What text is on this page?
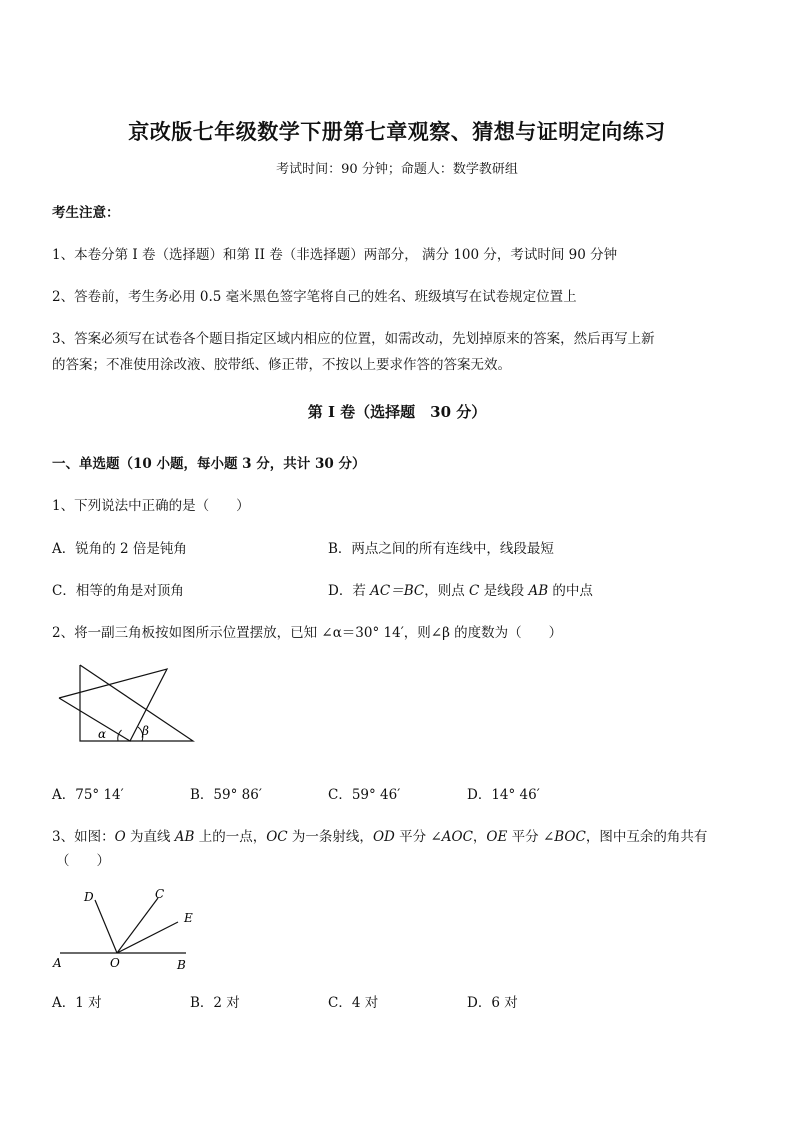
京改版七年级数学下册第七章观察、猜想与证明定向练习
考试时间：90 分钟；命题人：数学教研组
考生注意：
1、本卷分第 I 卷（选择题）和第 II 卷（非选择题）两部分， 满分 100 分，考试时间 90 分钟
2、答卷前，考生务必用 0.5 毫米黑色签字笔将自己的姓名、班级填写在试卷规定位置上
3、答案必须写在试卷各个题目指定区域内相应的位置，如需改动，先划掉原来的答案，然后再写上新
的答案；不准使用涂改液、胶带纸、修正带，不按以上要求作答的答案无效。
第 I 卷（选择题　30 分）
一、单选题（10 小题，每小题 3 分，共计 30 分）
1、下列说法中正确的是（　　）
A．锐角的 2 倍是钝角	B．两点之间的所有连线中，线段最短
C．相等的角是对顶角	D．若 AC＝BC，则点 C 是线段 AB 的中点
2、将一副三角板按如图所示位置摆放，已知 ∠α＝30° 14′，则∠β 的度数为（　　）
α	β
A．75° 14′	B．59° 86′	C．59° 46′	D．14° 46′
3、如图：O 为直线 AB 上的一点，OC 为一条射线，OD 平分 ∠AOC，OE 平分 ∠BOC，图中互余的角共有
（　　）
D	C
E
A	O	B
A．1 对	B．2 对	C．4 对	D．6 对
